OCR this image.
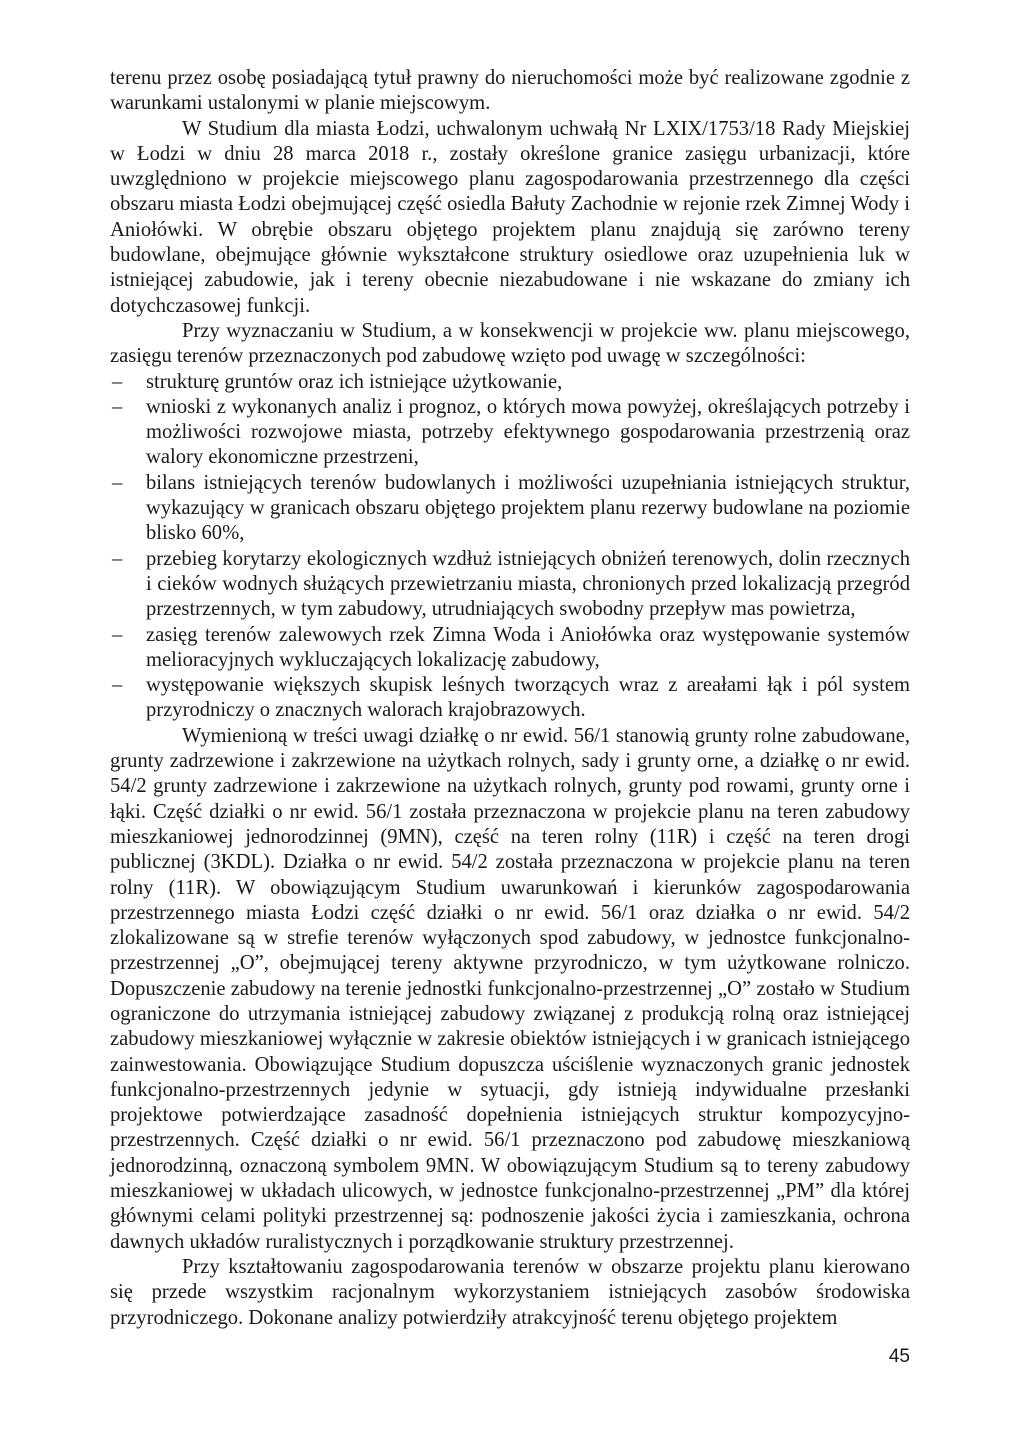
terenu przez osobę posiadającą tytuł prawny do nieruchomości może być realizowane zgodnie z warunkami ustalonymi w planie miejscowym.

W Studium dla miasta Łodzi, uchwalonym uchwałą Nr LXIX/1753/18 Rady Miejskiej w Łodzi w dniu 28 marca 2018 r., zostały określone granice zasięgu urbanizacji, które uwzględniono w projekcie miejscowego planu zagospodarowania przestrzennego dla części obszaru miasta Łodzi obejmującej część osiedla Bałuty Zachodnie w rejonie rzek Zimnej Wody i Aniołówki. W obrębie obszaru objętego projektem planu znajdują się zarówno tereny budowlane, obejmujące głównie wykształcone struktury osiedlowe oraz uzupełnienia luk w istniejącej zabudowie, jak i tereny obecnie niezabudowane i nie wskazane do zmiany ich dotychczasowej funkcji.

Przy wyznaczaniu w Studium, a w konsekwencji w projekcie ww. planu miejscowego, zasięgu terenów przeznaczonych pod zabudowę wzięto pod uwagę w szczególności:

– strukturę gruntów oraz ich istniejące użytkowanie,
– wnioski z wykonanych analiz i prognoz, o których mowa powyżej, określających potrzeby i możliwości rozwojowe miasta, potrzeby efektywnego gospodarowania przestrzenią oraz walory ekonomiczne przestrzeni,
– bilans istniejących terenów budowlanych i możliwości uzupełniania istniejących struktur, wykazujący w granicach obszaru objętego projektem planu rezerwy budowlane na poziomie blisko 60%,
– przebieg korytarzy ekologicznych wzdłuż istniejących obniżeń terenowych, dolin rzecznych i cieków wodnych służących przewietrzaniu miasta, chronionych przed lokalizacją przegród przestrzennych, w tym zabudowy, utrudniających swobodny przepływ mas powietrza,
– zasięg terenów zalewowych rzek Zimna Woda i Aniołówka oraz występowanie systemów melioracyjnych wykluczających lokalizację zabudowy,
– występowanie większych skupisk leśnych tworzących wraz z areałami łąk i pól system przyrodniczy o znacznych walorach krajobrazowych.

Wymienioną w treści uwagi działkę o nr ewid. 56/1 stanowią grunty rolne zabudowane, grunty zadrzewione i zakrzewione na użytkach rolnych, sady i grunty orne, a działkę o nr ewid. 54/2 grunty zadrzewione i zakrzewione na użytkach rolnych, grunty pod rowami, grunty orne i łąki. Część działki o nr ewid. 56/1 została przeznaczona w projekcie planu na teren zabudowy mieszkaniowej jednorodzinnej (9MN), część na teren rolny (11R) i część na teren drogi publicznej (3KDL). Działka o nr ewid. 54/2 została przeznaczona w projekcie planu na teren rolny (11R). W obowiązującym Studium uwarunkowań i kierunków zagospodarowania przestrzennego miasta Łodzi część działki o nr ewid. 56/1 oraz działka o nr ewid. 54/2 zlokalizowane są w strefie terenów wyłączonych spod zabudowy, w jednostce funkcjonalno-przestrzennej „O”, obejmującej tereny aktywne przyrodniczo, w tym użytkowane rolniczo. Dopuszczenie zabudowy na terenie jednostki funkcjonalno-przestrzennej „O” zostało w Studium ograniczone do utrzymania istniejącej zabudowy związanej z produkcją rolną oraz istniejącej zabudowy mieszkaniowej wyłącznie w zakresie obiektów istniejących i w granicach istniejącego zainwestowania. Obowiązujące Studium dopuszcza uściślenie wyznaczonych granic jednostek funkcjonalno-przestrzennych jedynie w sytuacji, gdy istnieją indywidualne przesłanki projektowe potwierdzające zasadność dopełnienia istniejących struktur kompozycyjno-przestrzennych. Część działki o nr ewid. 56/1 przeznaczono pod zabudowę mieszkaniową jednorodzinną, oznaczoną symbolem 9MN. W obowiązującym Studium są to tereny zabudowy mieszkaniowej w układach ulicowych, w jednostce funkcjonalno-przestrzennej „PM” dla której głównymi celami polityki przestrzennej są: podnoszenie jakości życia i zamieszkania, ochrona dawnych układów ruralistycznych i porządkowanie struktury przestrzennej.

Przy kształtowaniu zagospodarowania terenów w obszarze projektu planu kierowano się przede wszystkim racjonalnym wykorzystaniem istniejących zasobów środowiska przyrodniczego. Dokonane analizy potwierdziły atrakcyjność terenu objętego projektem

45
